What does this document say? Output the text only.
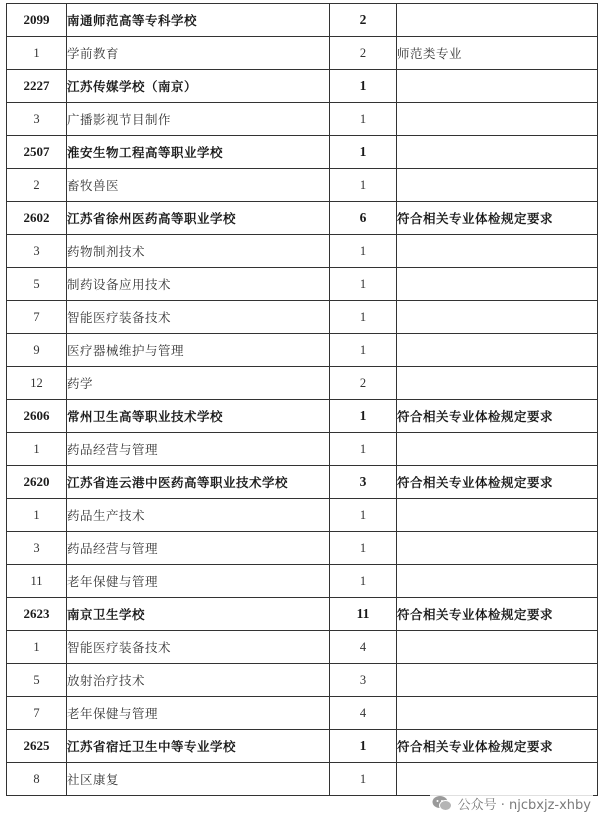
2099	南通师范高等专科学校	2	
1	学前教育	2	师范类专业
2227	江苏传媒学校（南京）	1	
3	广播影视节目制作	1	
2507	淮安生物工程高等职业学校	1	
2	畜牧兽医	1	
2602	江苏省徐州医药高等职业学校	6	符合相关专业体检规定要求
3	药物制剂技术	1	
5	制药设备应用技术	1	
7	智能医疗装备技术	1	
9	医疗器械维护与管理	1	
12	药学	2	
2606	常州卫生高等职业技术学校	1	符合相关专业体检规定要求
1	药品经营与管理	1	
2620	江苏省连云港中医药高等职业技术学校	3	符合相关专业体检规定要求
1	药品生产技术	1	
3	药品经营与管理	1	
11	老年保健与管理	1	
2623	南京卫生学校	11	符合相关专业体检规定要求
1	智能医疗装备技术	4	
5	放射治疗技术	3	
7	老年保健与管理	4	
2625	江苏省宿迁卫生中等专业学校	1	符合相关专业体检规定要求
8	社区康复	1	
公众号 · njcbxjz-xhby
